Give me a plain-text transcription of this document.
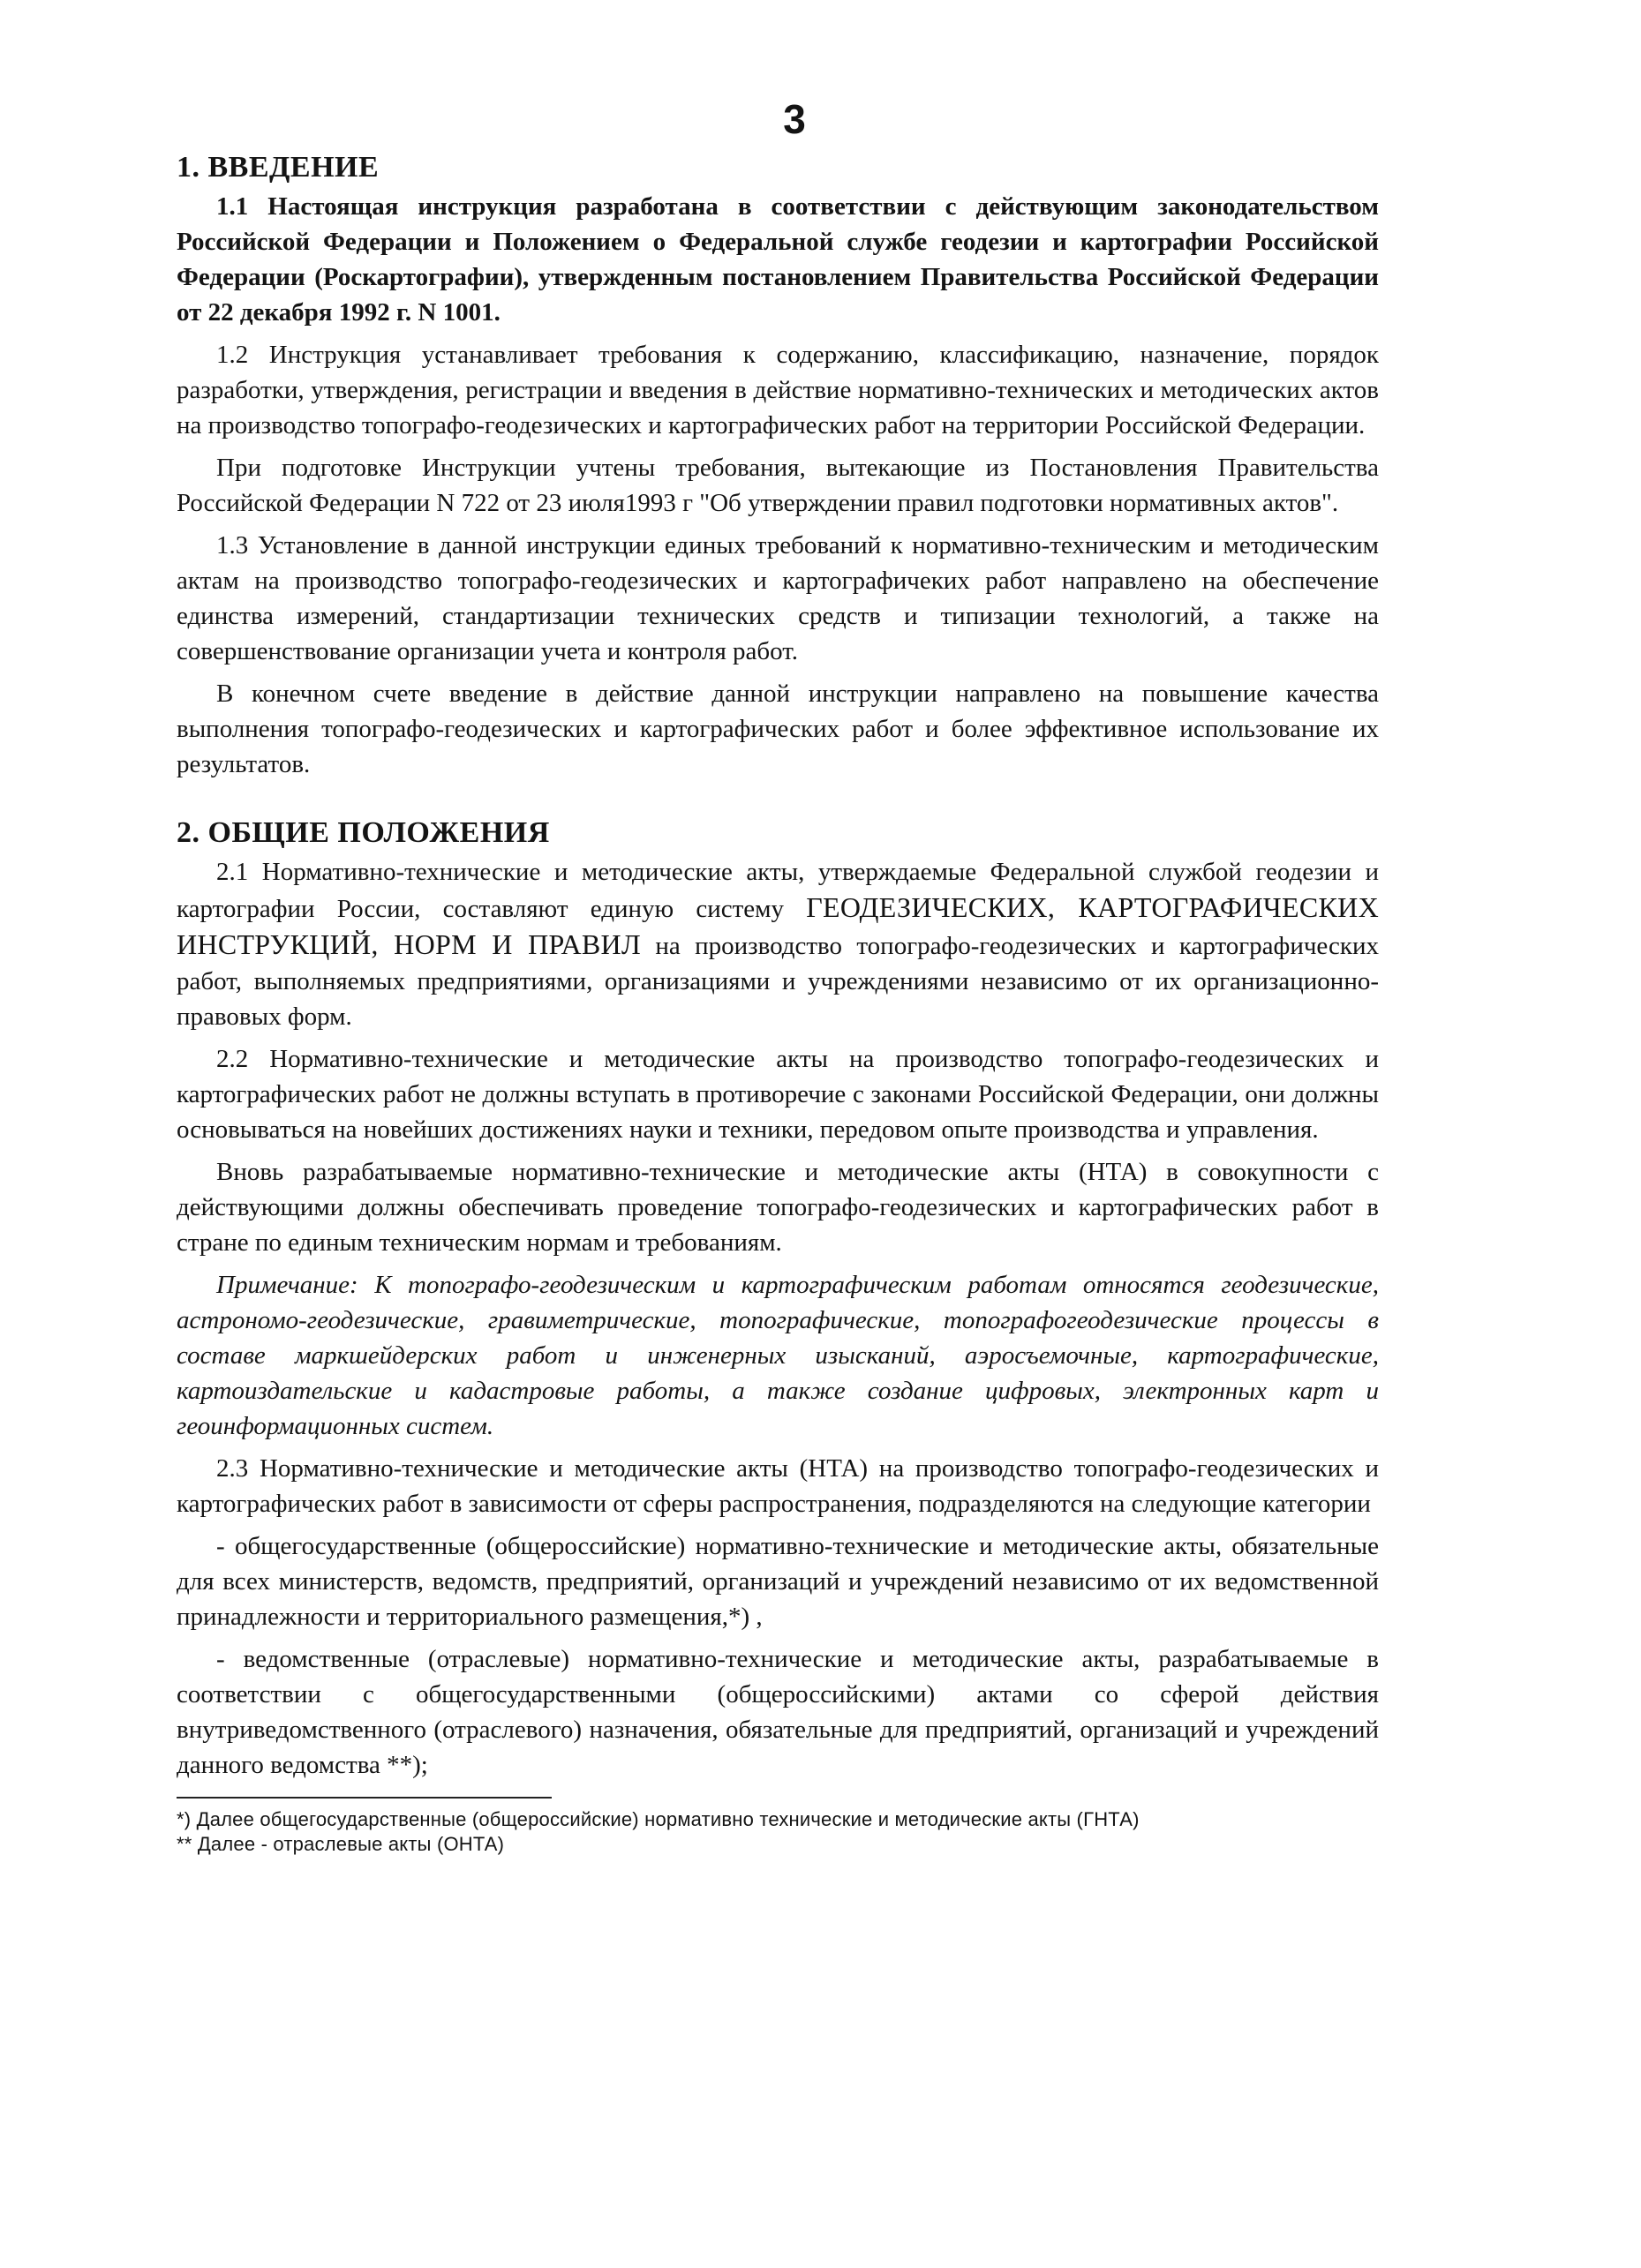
3
1. ВВЕДЕНИЕ

1.1 Настоящая инструкция разработана в соответствии с действующим законодательством Российской Федерации и Положением о Федеральной службе геодезии и картографии Российской Федерации (Роскартографии), утвержденным постановлением Правительства Российской Федерации от 22 декабря 1992 г. N 1001.

1.2 Инструкция устанавливает требования к содержанию, классификацию, назначение, порядок разработки, утверждения, регистрации и введения в действие нормативно-технических и методических актов на производство топографо-геодезических и картографических работ на территории Российской Федерации.

При подготовке Инструкции учтены требования, вытекающие из Постановления Правительства Российской Федерации N 722 от 23 июля1993 г "Об утверждении правил подготовки нормативных актов".

1.3 Установление в данной инструкции единых требований к нормативно-техническим и методическим актам на производство топографо-геодезических и картографичеких работ направлено на обеспечение единства измерений, стандартизации технических средств и типизации технологий, а также на совершенствование организации учета и контроля работ.

В конечном счете введение в действие данной инструкции направлено на повышение качества выполнения топографо-геодезических и картографических работ и более эффективное использование их результатов.

2. ОБЩИЕ ПОЛОЖЕНИЯ

2.1 Нормативно-технические и методические акты, утверждаемые Федеральной службой геодезии и картографии России, составляют единую систему ГЕОДЕЗИЧЕСКИХ, КАРТОГРАФИЧЕСКИХ ИНСТРУКЦИЙ, НОРМ И ПРАВИЛ на производство топографо-геодезических и картографических работ, выполняемых предприятиями, организациями и учреждениями независимо от их организационно-правовых форм.

2.2 Нормативно-технические и методические акты на производство топографо-геодезических и картографических работ не должны вступать в противоречие с законами Российской Федерации, они должны основываться на новейших достижениях науки и техники, передовом опыте производства и управления.

Вновь разрабатываемые нормативно-технические и методические акты (НТА) в совокупности с действующими должны обеспечивать проведение топографо-геодезических и картографических работ в стране по единым техническим нормам и требованиям.

Примечание: К топографо-геодезическим и картографическим работам относятся геодезические, астрономо-геодезические, гравиметрические, топографические, топографогеодезические процессы в составе маркшейдерских работ и инженерных изысканий, аэросъемочные, картографические, картоиздательские и кадастровые работы, а также создание цифровых, электронных карт и геоинформационных систем.

2.3 Нормативно-технические и методические акты (НТА) на производство топографо-геодезических и картографических работ в зависимости от сферы распространения, подразделяются на следующие категории

- общегосударственные (общероссийские) нормативно-технические и методические акты, обязательные для всех министерств, ведомств, предприятий, организаций и учреждений независимо от их ведомственной принадлежности и территориального размещения,*) ,

- ведомственные (отраслевые) нормативно-технические и методические акты, разрабатываемые в соответствии с общегосударственными (общероссийскими) актами со сферой действия внутриведомственного (отраслевого) назначения, обязательные для предприятий, организаций и учреждений данного ведомства **);

*) Далее общегосударственные (общероссийские) нормативно технические и методические акты (ГНТА)

** Далее - отраслевые акты (ОНТА)
